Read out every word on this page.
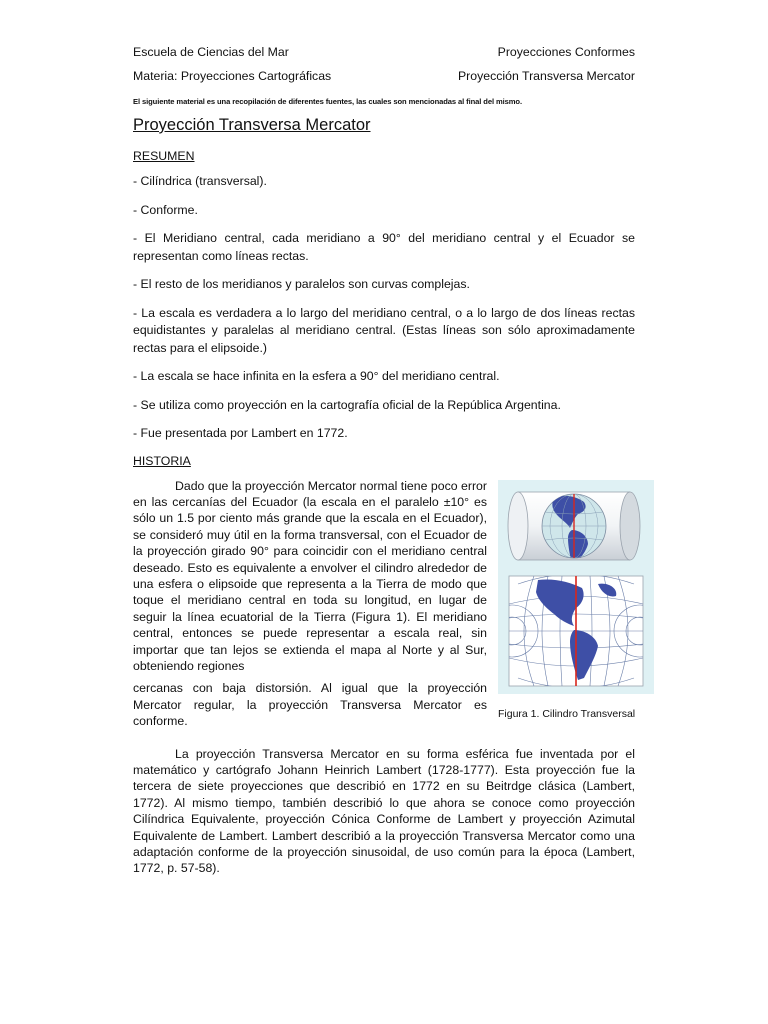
Escuela de Ciencias del Mar	Proyecciones Conformes
Materia: Proyecciones Cartográficas	Proyección Transversa Mercator
El siguiente material es una recopilación de diferentes fuentes, las cuales son mencionadas al final del mismo.
Proyección Transversa Mercator
RESUMEN

- Cilíndrica (transversal).

- Conforme.

- El Meridiano central, cada meridiano a 90° del meridiano central y el Ecuador se representan como líneas rectas.

- El resto de los meridianos y paralelos son curvas complejas.

- La escala es verdadera a lo largo del meridiano central, o a lo largo de dos líneas rectas equidistantes y paralelas al meridiano central. (Estas líneas son sólo aproximadamente rectas para el elipsoide.)

- La escala se hace infinita en la esfera a 90° del meridiano central.

- Se utiliza como proyección en la cartografía oficial de la República Argentina.

- Fue presentada por Lambert en 1772.

HISTORIA
Dado que la proyección Mercator normal tiene poco error en las cercanías del Ecuador (la escala en el paralelo ±10° es sólo un 1.5 por ciento más grande que la escala en el Ecuador), se consideró muy útil en la forma transversal, con el Ecuador de la proyección girado 90° para coincidir con el meridiano central deseado. Esto es equivalente a envolver el cilindro alrededor de una esfera o elipsoide que representa a la Tierra de modo que toque el meridiano central en toda su longitud, en lugar de seguir la línea ecuatorial de la Tierra (Figura 1). El meridiano central, entonces se puede representar a escala real, sin importar que tan lejos se extienda el mapa al Norte y al Sur, obteniendo regiones
cercanas con baja distorsión. Al igual que la proyección Mercator regular, la proyección Transversa Mercator es conforme.
Figura 1. Cilindro Transversal
La proyección Transversa Mercator en su forma esférica fue inventada por el matemático y cartógrafo Johann Heinrich Lambert (1728-1777). Esta proyección fue la tercera de siete proyecciones que describió en 1772 en su Beitrdge clásica (Lambert, 1772). Al mismo tiempo, también describió lo que ahora se conoce como proyección Cilíndrica Equivalente, proyección Cónica Conforme de Lambert y proyección Azimutal Equivalente de Lambert. Lambert describió a la proyección Transversa Mercator como una adaptación conforme de la proyección sinusoidal, de uso común para la época (Lambert, 1772, p. 57-58).
